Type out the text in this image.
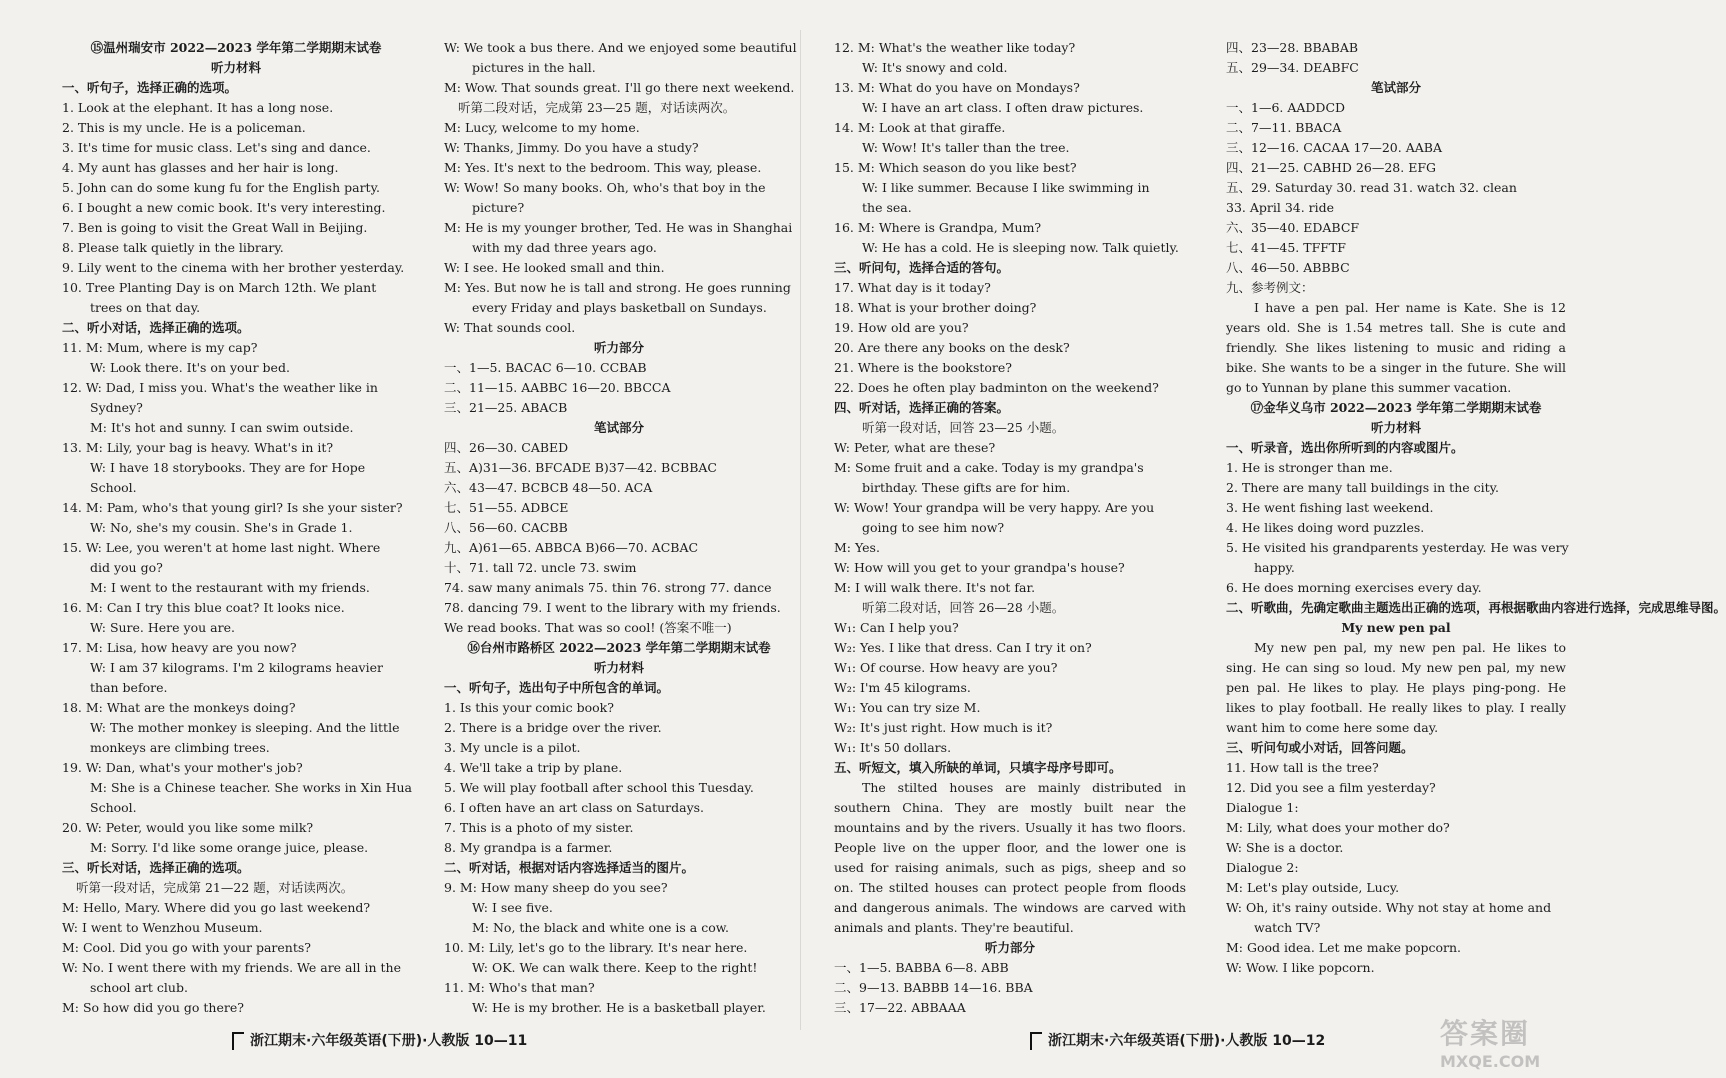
⑮温州瑞安市 2022—2023 学年第二学期期末试卷
听力材料
一、听句子，选择正确的选项。
1. Look at the elephant. It has a long nose.
2. This is my uncle. He is a policeman.
3. It's time for music class. Let's sing and dance.
4. My aunt has glasses and her hair is long.
5. John can do some kung fu for the English party.
6. I bought a new comic book. It's very interesting.
7. Ben is going to visit the Great Wall in Beijing.
8. Please talk quietly in the library.
9. Lily went to the cinema with her brother yesterday.
10. Tree Planting Day is on March 12th. We plant
trees on that day.
二、听小对话，选择正确的选项。
11. M: Mum, where is my cap?
W: Look there. It's on your bed.
12. W: Dad, I miss you. What's the weather like in
Sydney?
M: It's hot and sunny. I can swim outside.
13. M: Lily, your bag is heavy. What's in it?
W: I have 18 storybooks. They are for Hope
School.
14. M: Pam, who's that young girl? Is she your sister?
W: No, she's my cousin. She's in Grade 1.
15. W: Lee, you weren't at home last night. Where
did you go?
M: I went to the restaurant with my friends.
16. M: Can I try this blue coat? It looks nice.
W: Sure. Here you are.
17. M: Lisa, how heavy are you now?
W: I am 37 kilograms. I'm 2 kilograms heavier
than before.
18. M: What are the monkeys doing?
W: The mother monkey is sleeping. And the little
monkeys are climbing trees.
19. W: Dan, what's your mother's job?
M: She is a Chinese teacher. She works in Xin Hua
School.
20. W: Peter, would you like some milk?
M: Sorry. I'd like some orange juice, please.
三、听长对话，选择正确的选项。
听第一段对话，完成第 21—22 题，对话读两次。
M: Hello, Mary. Where did you go last weekend?
W: I went to Wenzhou Museum.
M: Cool. Did you go with your parents?
W: No. I went there with my friends. We are all in the
school art club.
M: So how did you go there?
W: We took a bus there. And we enjoyed some beautiful
pictures in the hall.
M: Wow. That sounds great. I'll go there next weekend.
听第二段对话，完成第 23—25 题，对话读两次。
M: Lucy, welcome to my home.
W: Thanks, Jimmy. Do you have a study?
M: Yes. It's next to the bedroom. This way, please.
W: Wow! So many books. Oh, who's that boy in the
picture?
M: He is my younger brother, Ted. He was in Shanghai
with my dad three years ago.
W: I see. He looked small and thin.
M: Yes. But now he is tall and strong. He goes running
every Friday and plays basketball on Sundays.
W: That sounds cool.
听力部分
一、1—5. BACAC 6—10. CCBAB
二、11—15. AABBC 16—20. BBCCA
三、21—25. ABACB
笔试部分
四、26—30. CABED
五、A)31—36. BFCADE B)37—42. BCBBAC
六、43—47. BCBCB 48—50. ACA
七、51—55. ADBCE
八、56—60. CACBB
九、A)61—65. ABBCA B)66—70. ACBAC
十、71. tall 72. uncle 73. swim
74. saw many animals 75. thin 76. strong 77. dance
78. dancing 79. I went to the library with my friends.
We read books. That was so cool! (答案不唯一)
⑯台州市路桥区 2022—2023 学年第二学期期末试卷
听力材料
一、听句子，选出句子中所包含的单词。
1. Is this your comic book?
2. There is a bridge over the river.
3. My uncle is a pilot.
4. We'll take a trip by plane.
5. We will play football after school this Tuesday.
6. I often have an art class on Saturdays.
7. This is a photo of my sister.
8. My grandpa is a farmer.
二、听对话，根据对话内容选择适当的图片。
9. M: How many sheep do you see?
W: I see five.
M: No, the black and white one is a cow.
10. M: Lily, let's go to the library. It's near here.
W: OK. We can walk there. Keep to the right!
11. M: Who's that man?
W: He is my brother. He is a basketball player.
12. M: What's the weather like today?
W: It's snowy and cold.
13. M: What do you have on Mondays?
W: I have an art class. I often draw pictures.
14. M: Look at that giraffe.
W: Wow! It's taller than the tree.
15. M: Which season do you like best?
W: I like summer. Because I like swimming in
the sea.
16. M: Where is Grandpa, Mum?
W: He has a cold. He is sleeping now. Talk quietly.
三、听问句，选择合适的答句。
17. What day is it today?
18. What is your brother doing?
19. How old are you?
20. Are there any books on the desk?
21. Where is the bookstore?
22. Does he often play badminton on the weekend?
四、听对话，选择正确的答案。
听第一段对话，回答 23—25 小题。
W: Peter, what are these?
M: Some fruit and a cake. Today is my grandpa's
birthday. These gifts are for him.
W: Wow! Your grandpa will be very happy. Are you
going to see him now?
M: Yes.
W: How will you get to your grandpa's house?
M: I will walk there. It's not far.
听第二段对话，回答 26—28 小题。
W₁: Can I help you?
W₂: Yes. I like that dress. Can I try it on?
W₁: Of course. How heavy are you?
W₂: I'm 45 kilograms.
W₁: You can try size M.
W₂: It's just right. How much is it?
W₁: It's 50 dollars.
五、听短文，填入所缺的单词，只填字母序号即可。
The stilted houses are mainly distributed in southern China. They are mostly built near the mountains and by the rivers. Usually it has two floors. People live on the upper floor, and the lower one is used for raising animals, such as pigs, sheep and so on. The stilted houses can protect people from floods and dangerous animals. The windows are carved with animals and plants. They're beautiful.
听力部分
一、1—5. BABBA 6—8. ABB
二、9—13. BABBB 14—16. BBA
三、17—22. ABBAAA
四、23—28. BBABAB
五、29—34. DEABFC
笔试部分
一、1—6. AADDCD
二、7—11. BBACA
三、12—16. CACAA 17—20. AABA
四、21—25. CABHD 26—28. EFG
五、29. Saturday 30. read 31. watch 32. clean
33. April 34. ride
六、35—40. EDABCF
七、41—45. TFFTF
八、46—50. ABBBC
九、参考例文：
I have a pen pal. Her name is Kate. She is 12 years old. She is 1.54 metres tall. She is cute and friendly. She likes listening to music and riding a bike. She wants to be a singer in the future. She will go to Yunnan by plane this summer vacation.
⑰金华义乌市 2022—2023 学年第二学期期末试卷
听力材料
一、听录音，选出你所听到的内容或图片。
1. He is stronger than me.
2. There are many tall buildings in the city.
3. He went fishing last weekend.
4. He likes doing word puzzles.
5. He visited his grandparents yesterday. He was very
happy.
6. He does morning exercises every day.
二、听歌曲，先确定歌曲主题选出正确的选项，再根据歌曲内容进行选择，完成思维导图。
My new pen pal
My new pen pal, my new pen pal. He likes to sing. He can sing so loud. My new pen pal, my new pen pal. He likes to play. He plays ping-pong. He likes to play football. He really likes to play. I really want him to come here some day.
三、听问句或小对话，回答问题。
11. How tall is the tree?
12. Did you see a film yesterday?
Dialogue 1:
M: Lily, what does your mother do?
W: She is a doctor.
Dialogue 2:
M: Let's play outside, Lucy.
W: Oh, it's rainy outside. Why not stay at home and
watch TV?
M: Good idea. Let me make popcorn.
W: Wow. I like popcorn.
浙江期末·六年级英语(下册)·人教版 10—11	浙江期末·六年级英语(下册)·人教版 10—12	答案圈
MXQE.COM
